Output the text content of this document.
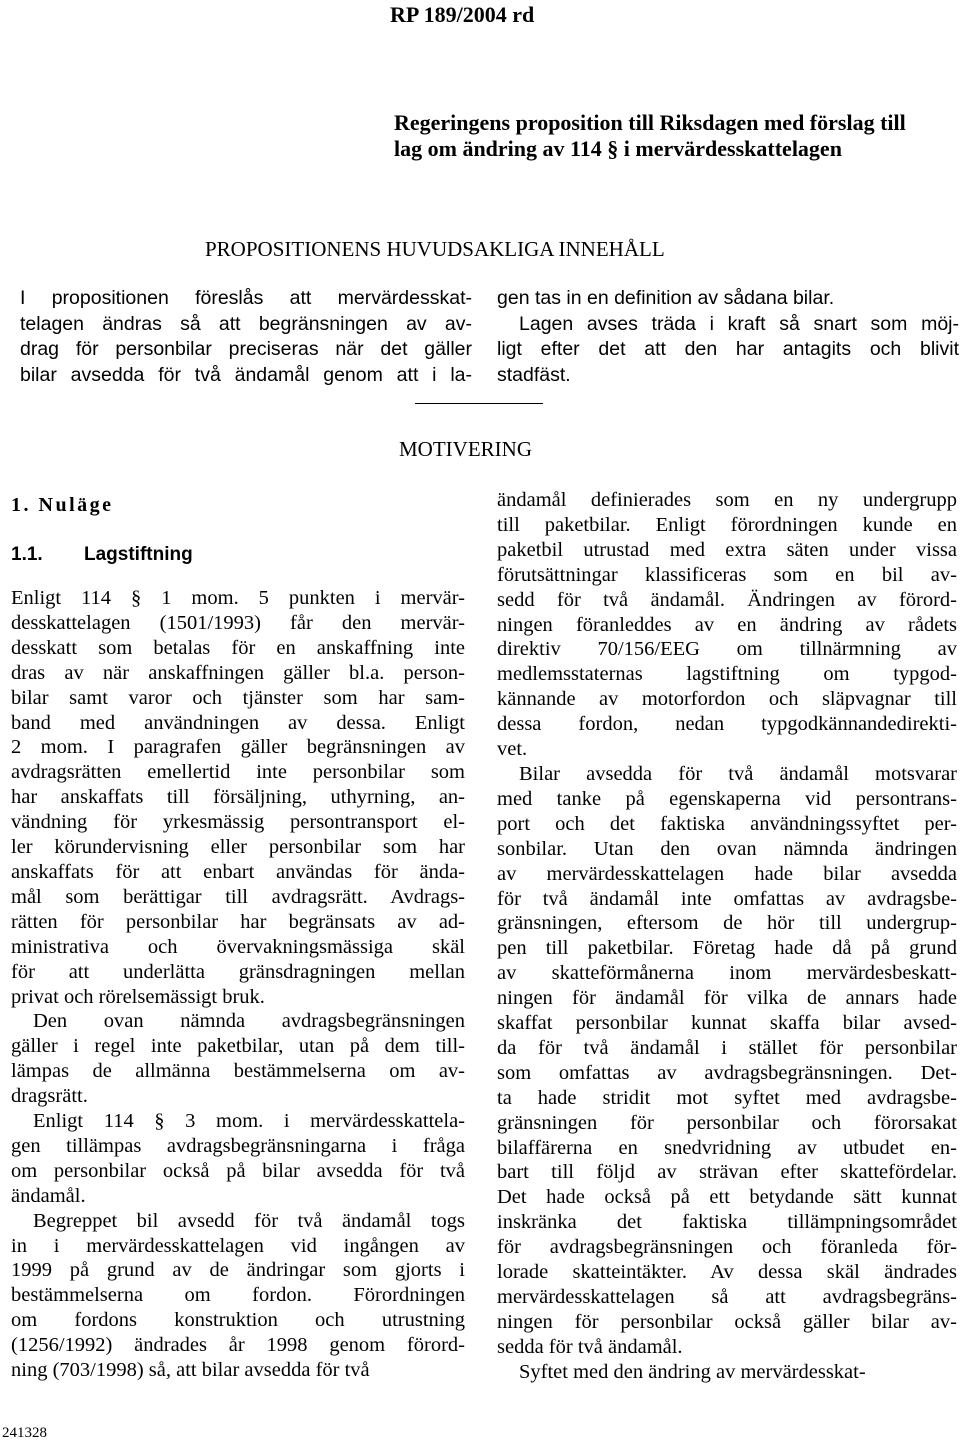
RP 189/2004 rd
Regeringens proposition till Riksdagen med förslag till
lag om ändring av 114 § i mervärdesskattelagen
PROPOSITIONENS HUVUDSAKLIGA INNEHÅLL
I propositionen föreslås att mervärdesskat-
telagen ändras så att begränsningen av av-
drag för personbilar preciseras när det gäller
bilar avsedda för två ändamål genom att i la-
gen tas in en definition av sådana bilar.
Lagen avses träda i kraft så snart som möj-
ligt efter det att den har antagits och blivit
stadfäst.
MOTIVERING
1. Nuläge
1.1. Lagstiftning
Enligt 114 § 1 mom. 5 punkten i mervär-
desskattelagen (1501/1993) får den mervär-
desskatt som betalas för en anskaffning inte
dras av när anskaffningen gäller bl.a. person-
bilar samt varor och tjänster som har sam-
band med användningen av dessa. Enligt
2 mom. I paragrafen gäller begränsningen av
avdragsrätten emellertid inte personbilar som
har anskaffats till försäljning, uthyrning, an-
vändning för yrkesmässig persontransport el-
ler körundervisning eller personbilar som har
anskaffats för att enbart användas för ända-
mål som berättigar till avdragsrätt. Avdrags-
rätten för personbilar har begränsats av ad-
ministrativa och övervakningsmässiga skäl
för att underlätta gränsdragningen mellan
privat och rörelsemässigt bruk.
Den ovan nämnda avdragsbegränsningen
gäller i regel inte paketbilar, utan på dem till-
lämpas de allmänna bestämmelserna om av-
dragsrätt.
Enligt 114 § 3 mom. i mervärdesskattela-
gen tillämpas avdragsbegränsningarna i fråga
om personbilar också på bilar avsedda för två
ändamål.
Begreppet bil avsedd för två ändamål togs
in i mervärdesskattelagen vid ingången av
1999 på grund av de ändringar som gjorts i
bestämmelserna om fordon. Förordningen
om fordons konstruktion och utrustning
(1256/1992) ändrades år 1998 genom förord-
ning (703/1998) så, att bilar avsedda för två
ändamål definierades som en ny undergrupp
till paketbilar. Enligt förordningen kunde en
paketbil utrustad med extra säten under vissa
förutsättningar klassificeras som en bil av-
sedd för två ändamål. Ändringen av förord-
ningen föranleddes av en ändring av rådets
direktiv 70/156/EEG om tillnärmning av
medlemsstaternas lagstiftning om typgod-
kännande av motorfordon och släpvagnar till
dessa fordon, nedan typgodkännandedirekti-
vet.
Bilar avsedda för två ändamål motsvarar
med tanke på egenskaperna vid persontrans-
port och det faktiska användningssyftet per-
sonbilar. Utan den ovan nämnda ändringen
av mervärdesskattelagen hade bilar avsedda
för två ändamål inte omfattas av avdragsbe-
gränsningen, eftersom de hör till undergrup-
pen till paketbilar. Företag hade då på grund
av skatteförmånerna inom mervärdesbeskatt-
ningen för ändamål för vilka de annars hade
skaffat personbilar kunnat skaffa bilar avsed-
da för två ändamål i stället för personbilar
som omfattas av avdragsbegränsningen. Det-
ta hade stridit mot syftet med avdragsbe-
gränsningen för personbilar och förorsakat
bilaffärerna en snedvridning av utbudet en-
bart till följd av strävan efter skattefördelar.
Det hade också på ett betydande sätt kunnat
inskränka det faktiska tillämpningsområdet
för avdragsbegränsningen och föranleda för-
lorade skatteintäkter. Av dessa skäl ändrades
mervärdesskattelagen så att avdragsbegräns-
ningen för personbilar också gäller bilar av-
sedda för två ändamål.
Syftet med den ändring av mervärdesskat-
241328
